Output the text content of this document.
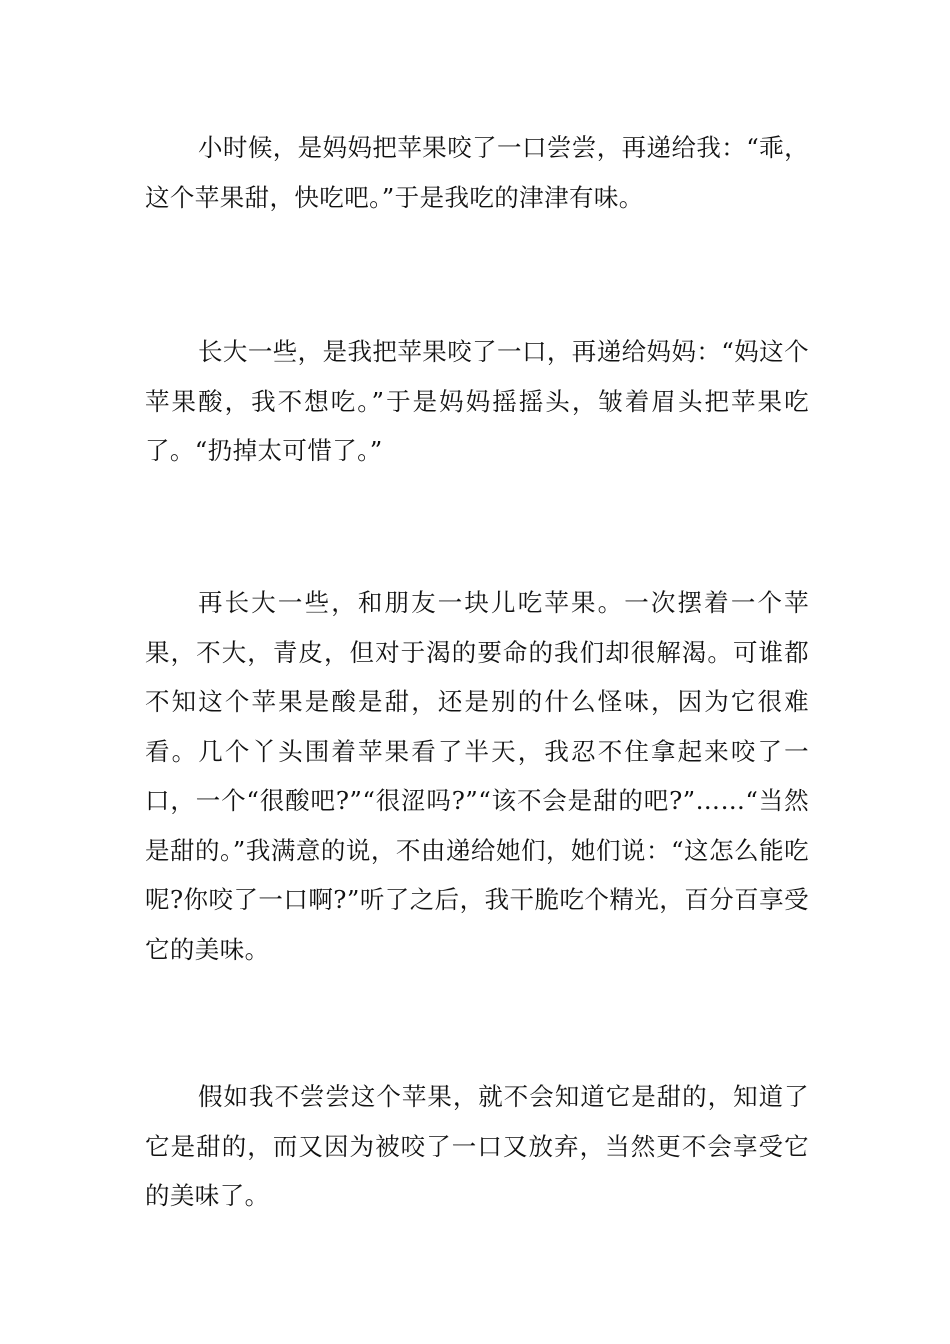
小时候，是妈妈把苹果咬了一口尝尝，再递给我：“乖，这个苹果甜，快吃吧。”于是我吃的津津有味。

长大一些，是我把苹果咬了一口，再递给妈妈：“妈这个苹果酸，我不想吃。”于是妈妈摇摇头，皱着眉头把苹果吃了。“扔掉太可惜了。”

再长大一些，和朋友一块儿吃苹果。一次摆着一个苹果，不大，青皮，但对于渴的要命的我们却很解渴。可谁都不知这个苹果是酸是甜，还是别的什么怪味，因为它很难看。几个丫头围着苹果看了半天，我忍不住拿起来咬了一口，一个“很酸吧?”“很涩吗?”“该不会是甜的吧?”……“当然是甜的。”我满意的说，不由递给她们，她们说：“这怎么能吃呢?你咬了一口啊?”听了之后，我干脆吃个精光，百分百享受它的美味。

假如我不尝尝这个苹果，就不会知道它是甜的，知道了它是甜的，而又因为被咬了一口又放弃，当然更不会享受它的美味了。
